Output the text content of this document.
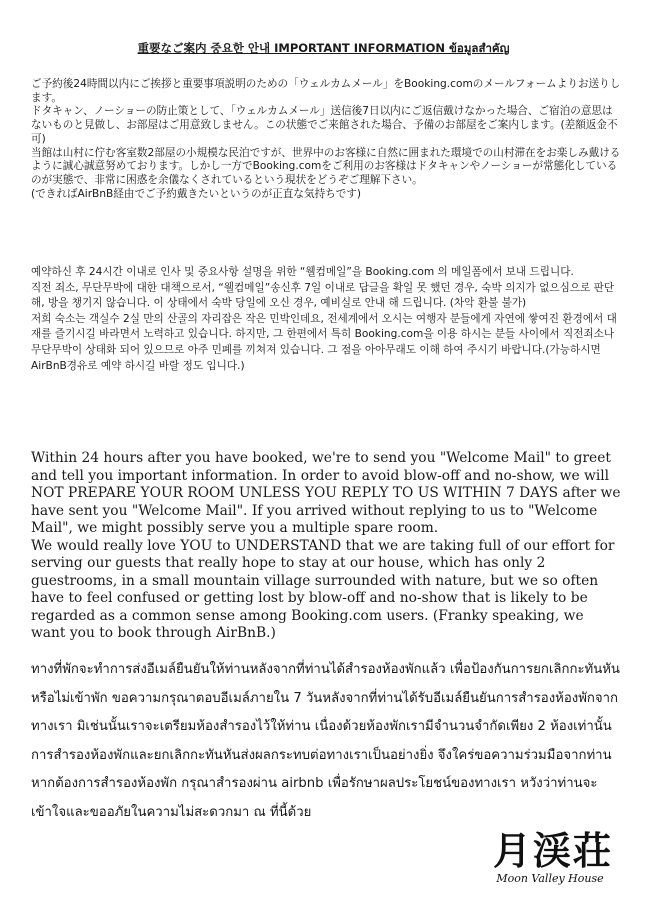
重要なご案内 중요한 안내 IMPORTANT INFORMATION ข้อมูลสำคัญ

ご予約後24時間以内にご挨拶と重要事項説明のための「ウェルカムメール」をBooking.comのメールフォームよりお送りします。

ドタキャン、ノーショーの防止策として、「ウェルカムメール」送信後7日以内にご返信戴けなかった場合、ご宿泊の意思はないものと見做し、お部屋はご用意致しません。この状態でご来館された場合、予備のお部屋をご案内します。(差額返金不可)

当館は山村に佇む客室数2部屋の小規模な民泊ですが、世界中のお客様に自然に囲まれた環境での山村滞在をお楽しみ戴けるように誠心誠意努めております。しかし一方でBooking.comをご利用のお客様はドタキャンやノーショーが常態化しているのが実態で、非常に困惑を余儀なくされているという現状をどうぞご理解下さい。

(できればAirBnB経由でご予約戴きたいというのが正直な気持ちです)

예약하신 후 24시간 이내로 인사 및 중요사항 설명을 위한 “웰컴메일”을 Booking.com 의 메일폼에서 보내 드립니다.

직전 죄소, 무단무박에 대한 대책으로서, “웰컴메일”송신후 7일 이내로 답글을 확일 못 했던 경우, 숙박 의지가 없으심으로 판단해, 방을 챙기지 않습니다. 이 상태에서 숙박 당일에 오신 경우, 예비실로 안내 해 드립니다. (차악 환불 불가)

저희 숙소는 객실수 2실 만의 산골의 자리잡은 작은 민박인데요, 전세계에서 오시는 여행자 분들에게 자연에 쌓여진 환경에서 대재를 즐기시길 바라면서 노력하고 있습니다. 하지만, 그 한편에서 특히 Booking.com을 이용 하시는 분들 사이에서 직전죄소나 무단무박이 상태화 되어 있으므로 아주 민폐를 끼쳐져 있습니다. 그 점을 아아무래도 이해 하여 주시기 바랍니다.(가능하시면 AirBnB경유로 예약 하시길 바랄 정도 입니다.)

Within 24 hours after you have booked, we're to send you "Welcome Mail" to greet and tell you important information. In order to avoid blow-off and no-show, we will NOT PREPARE YOUR ROOM UNLESS YOU REPLY TO US WITHIN 7 DAYS after we have sent you "Welcome Mail". If you arrived without replying to us to "Welcome Mail", we might possibly serve you a multiple spare room.

We would really love YOU to UNDERSTAND that we are taking full of our effort for serving our guests that really hope to stay at our house, which has only 2 guestrooms, in a small mountain village surrounded with nature, but we so often have to feel confused or getting lost by blow-off and no-show that is likely to be regarded as a common sense among Booking.com users. (Franky speaking, we want you to book through AirBnB.)

ทางที่พักจะทำการส่งอีเมล์ยืนยันให้ท่านหลังจากที่ท่านได้สำรองห้องพักแล้ว เพื่อป้องกันการยกเลิกกะทันหันหรือไม่เข้าพัก ขอความกรุณาตอบอีเมล์ภายใน 7 วันหลังจากที่ท่านได้รับอีเมล์ยืนยันการสำรองห้องพักจากทางเรา มิเช่นนั้นเราจะเตรียมห้องสำรองไว้ให้ท่าน เนื่องด้วยห้องพักเรามีจำนวนจำกัดเพียง 2 ห้องเท่านั้น การสำรองห้องพักและยกเลิกกะทันหันส่งผลกระทบต่อทางเราเป็นอย่างยิ่ง จึงใคร่ขอความร่วมมือจากท่าน หากต้องการสำรองห้องพัก กรุณาสำรองผ่าน airbnb เพื่อรักษาผลประโยชน์ของทางเรา หวังว่าท่านจะเข้าใจและขออภัยในความไม่สะดวกมา ณ ที่นี้ด้วย

月渓荘
Moon Valley House
